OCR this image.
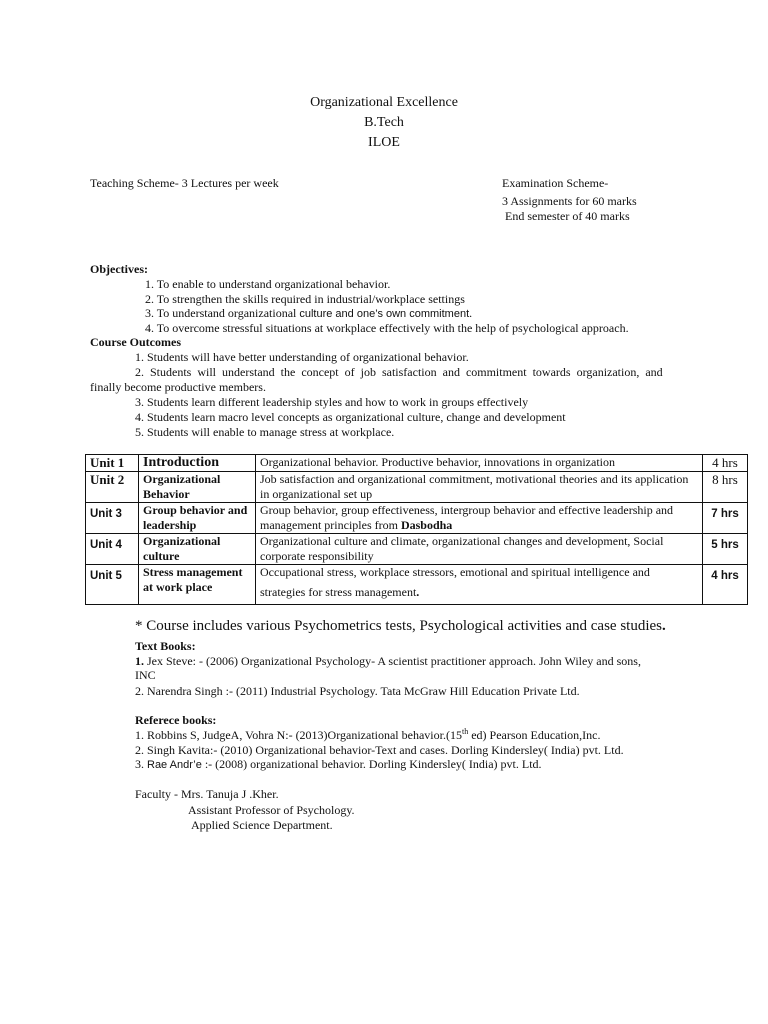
Organizational Excellence
B.Tech
ILOE
Teaching Scheme- 3 Lectures per week	Examination Scheme-
3 Assignments for 60 marks
End semester of 40 marks
Objectives:
1. To enable to understand organizational behavior.
2. To strengthen the skills required in industrial/workplace settings
3. To understand organizational culture and one’s own commitment.
4. To overcome stressful situations at workplace effectively with the help of psychological approach.
Course Outcomes
1. Students will have better understanding of organizational behavior.
2.  Students  will  understand  the  concept  of  job  satisfaction  and  commitment  towards  organization,  and
finally become productive members.
3. Students learn different leadership styles and how to work in groups effectively
4. Students learn macro level concepts as organizational culture, change and development
5. Students will enable to manage stress at workplace.
Unit 1	Introduction	Organizational behavior. Productive behavior, innovations in organization	4 hrs
Unit 2	Organizational Behavior	Job satisfaction and organizational commitment, motivational theories and its application in organizational set up	8 hrs
Unit 3	Group behavior and leadership	Group behavior, group effectiveness, intergroup behavior and effective leadership and management principles from Dasbodha	7 hrs
Unit 4	Organizational culture	Organizational culture and climate, organizational changes and development, Social corporate responsibility	5 hrs
Unit 5	Stress management at work place	Occupational stress, workplace stressors, emotional and spiritual intelligence and
strategies for stress management.	4 hrs
* Course includes various Psychometrics tests, Psychological activities and case studies.
Text Books:
1. Jex Steve: - (2006) Organizational Psychology- A scientist practitioner approach. John Wiley and sons,
INC
2. Narendra Singh :- (2011) Industrial Psychology. Tata McGraw Hill Education Private Ltd.
Referece books:
1. Robbins S, JudgeA, Vohra N:- (2013)Organizational behavior.(15th ed) Pearson Education,Inc.
2. Singh Kavita:- (2010) Organizational behavior-Text and cases. Dorling Kindersley( India) pvt. Ltd.
3. Rae Andr’e :- (2008) organizational behavior. Dorling Kindersley( India) pvt. Ltd.
Faculty - Mrs. Tanuja J .Kher.
Assistant Professor of Psychology.
Applied Science Department.
